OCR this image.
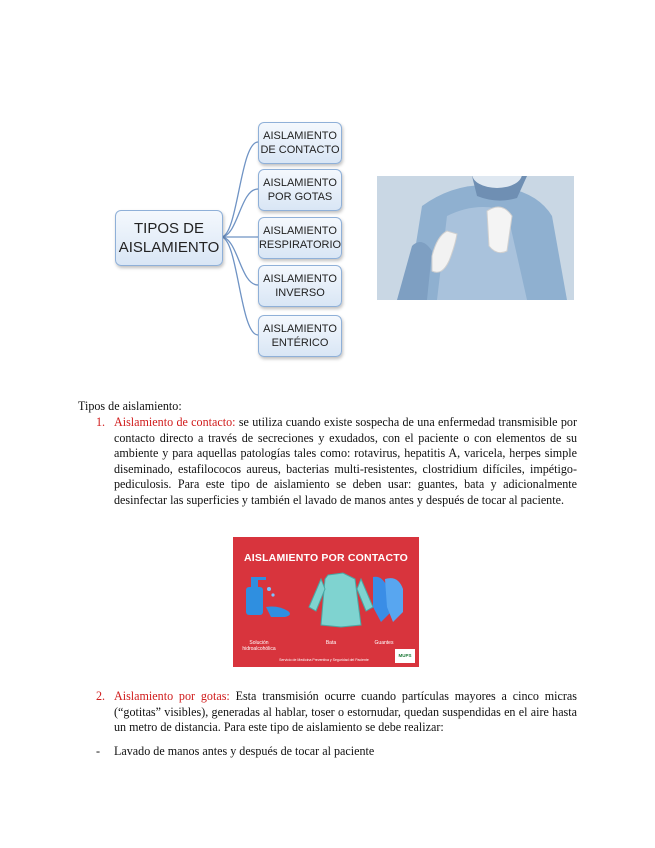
TIPOS DE
AISLAMIENTO
AISLAMIENTO
DE CONTACTO
AISLAMIENTO
POR GOTAS
AISLAMIENTO
RESPIRATORIO
AISLAMIENTO
INVERSO
AISLAMIENTO
ENTÉRICO
Tipos de aislamiento:
1. Aislamiento de contacto: se utiliza cuando existe sospecha de una enfermedad transmisible por contacto directo a través de secreciones y exudados, con el paciente o con elementos de su ambiente y para aquellas patologías tales como: rotavirus, hepatitis A, varicela, herpes simple diseminado, estafilococos aureus, bacterias multi-resistentes, clostridium difíciles, impétigo-pediculosis. Para este tipo de aislamiento se deben usar: guantes, bata y adicionalmente desinfectar las superficies y también el lavado de manos antes y después de tocar al paciente.
AISLAMIENTO POR CONTACTO
Solución hidroalcohólica
Bata	Guantes
Servicio de Medicina Preventiva y Seguridad del Paciente
MUPS
2. Aislamiento por gotas: Esta transmisión ocurre cuando partículas mayores a cinco micras (“gotitas” visibles), generadas al hablar, toser o estornudar, quedan suspendidas en el aire hasta un metro de distancia. Para este tipo de aislamiento se debe realizar:
- Lavado de manos antes y después de tocar al paciente
